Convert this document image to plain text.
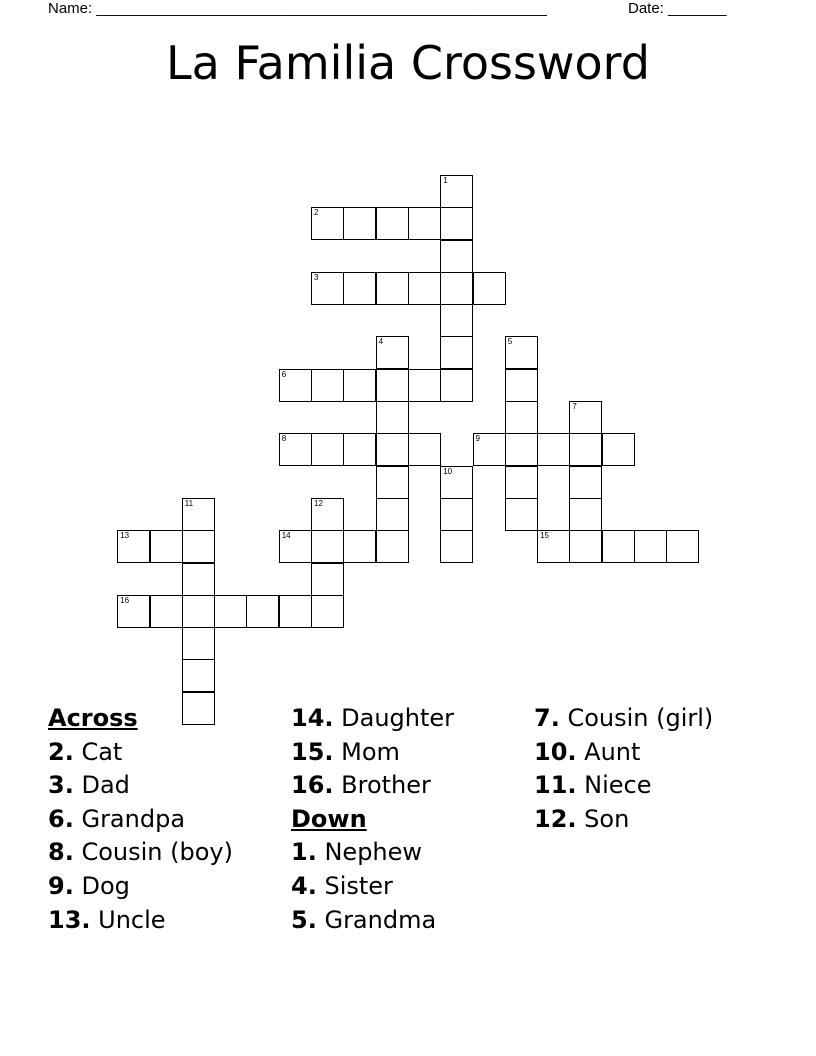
Name: ______________________________________________________	Date: _______
La Familia Crossword
1
2
3
4	5
6
7
8	9
10
11	12
13	14	15
16
Across
2. Cat
3. Dad
6. Grandpa
8. Cousin (boy)
9. Dog
13. Uncle
14. Daughter
15. Mom
16. Brother
Down
1. Nephew
4. Sister
5. Grandma
7. Cousin (girl)
10. Aunt
11. Niece
12. Son
